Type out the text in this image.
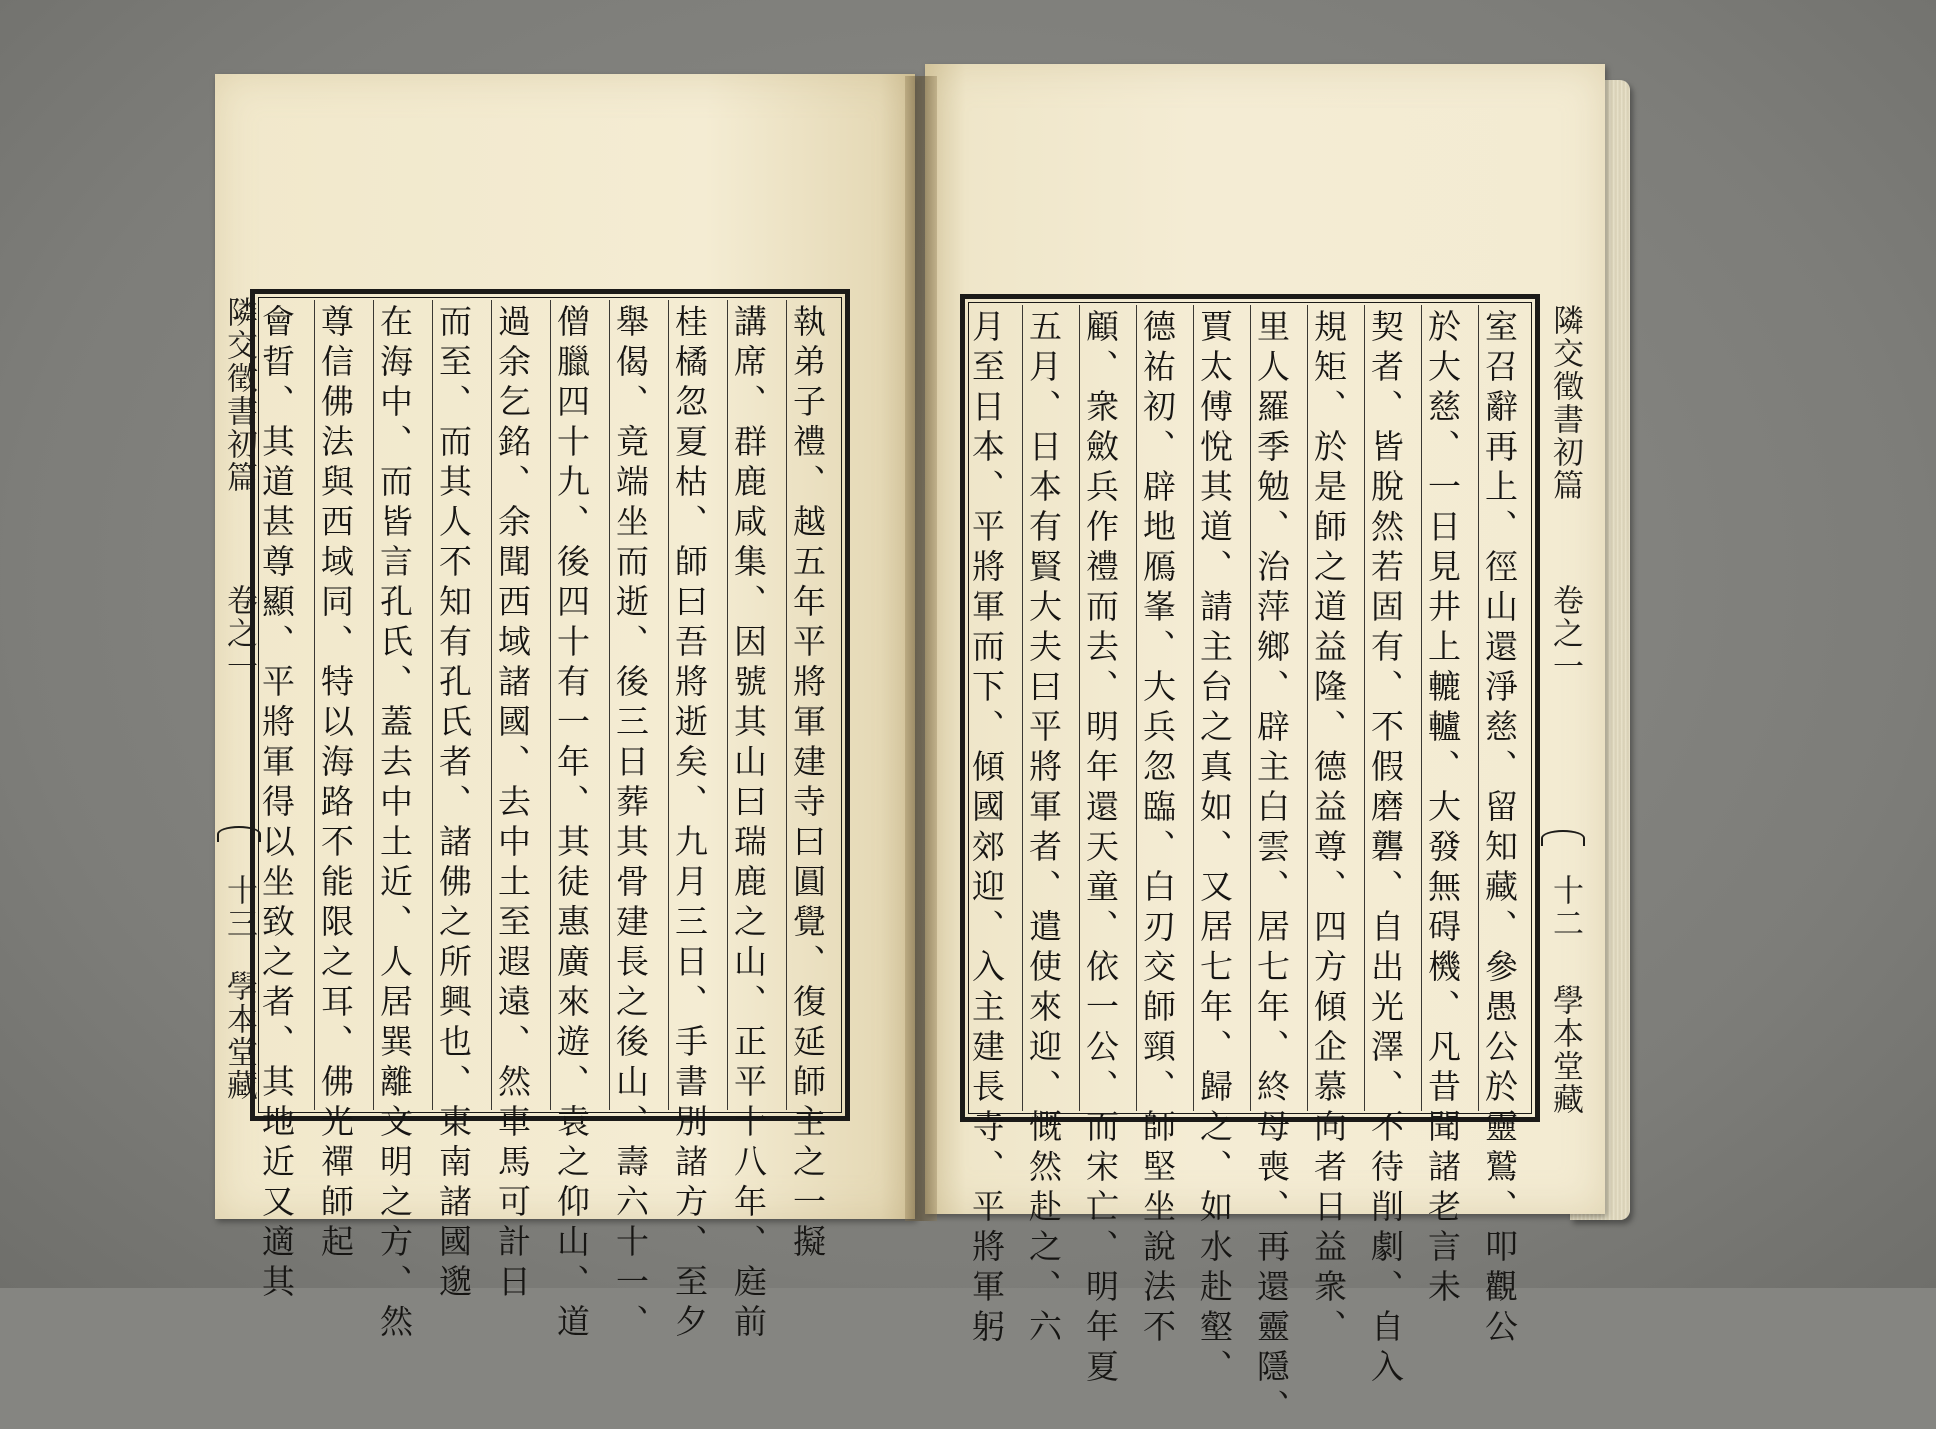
隣交徵書初篇
卷之一
十三
學本堂藏	執弟子禮、越五年平將軍建寺曰圓覺、復延師主之一擬
講席、群鹿咸集、因號其山曰瑞鹿之山、正平十八年、庭前
桂橘忽夏枯、師曰吾將逝矣、九月三日、手書別諸方、至夕
舉偈、竟端坐而逝、後三日葬其骨建長之後山、壽六十一、
僧臘四十九、後四十有一年、其徒惠廣來遊、袁之仰山、道
過余乞銘、余聞西域諸國、去中土至遐遠、然車馬可計日
而至、而其人不知有孔氏者、諸佛之所興也、東南諸國邈
在海中、而皆言孔氏、蓋去中土近、人居巽離文明之方、然
尊信佛法與西域同、特以海路不能限之耳、佛光禪師起
會晢、其道甚尊顯、平將軍得以坐致之者、其地近又適其	室召辭再上、徑山還淨慈、留知藏、參愚公於靈鷲、叩觀公
於大慈、一日見井上轆轤、大發無碍機、凡昔聞諸老言未
契者、皆脫然若固有、不假磨礱、自出光澤、不待削劇、自入
規矩、於是師之道益隆、德益尊、四方傾企慕向者日益衆、
里人羅季勉、治萍鄉、辟主白雲、居七年、終母喪、再還靈隱、
賈太傅悅其道、請主台之真如、又居七年、歸之、如水赴壑、
德祐初、辟地鴈峯、大兵忽臨、白刃交師頸、師堅坐說法不
顧、衆斂兵作禮而去、明年還天童、依一公、而宋亡、明年夏
五月、日本有賢大夫曰平將軍者、遣使來迎、慨然赴之、六
月至日本、平將軍而下、傾國郊迎、入主建長寺、平將軍躬	隣交徵書初篇
卷之一
十二
學本堂藏
